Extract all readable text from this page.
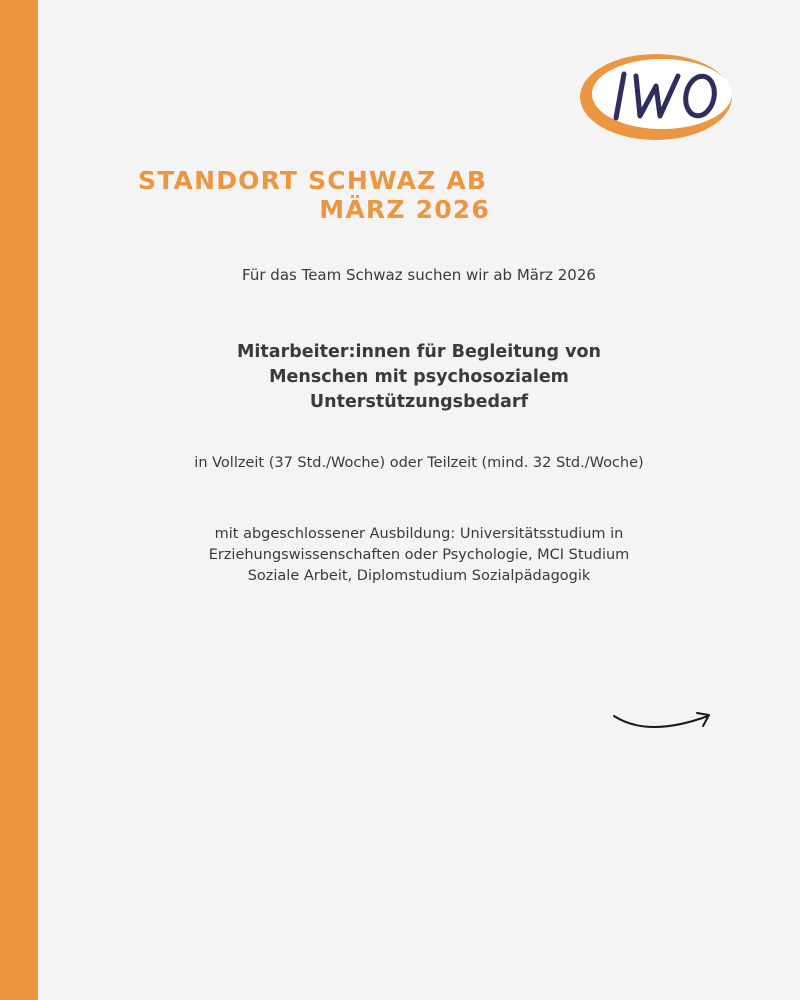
STANDORT SCHWAZ AB
MÄRZ 2026
Für das Team Schwaz suchen wir ab März 2026
Mitarbeiter:innen für Begleitung von
Menschen mit psychosozialem
Unterstützungsbedarf
in Vollzeit (37 Std./Woche) oder Teilzeit (mind. 32 Std./Woche)
mit abgeschlossener Ausbildung: Universitätsstudium in
Erziehungswissenschaften oder Psychologie, MCI Studium
Soziale Arbeit, Diplomstudium Sozialpädagogik
